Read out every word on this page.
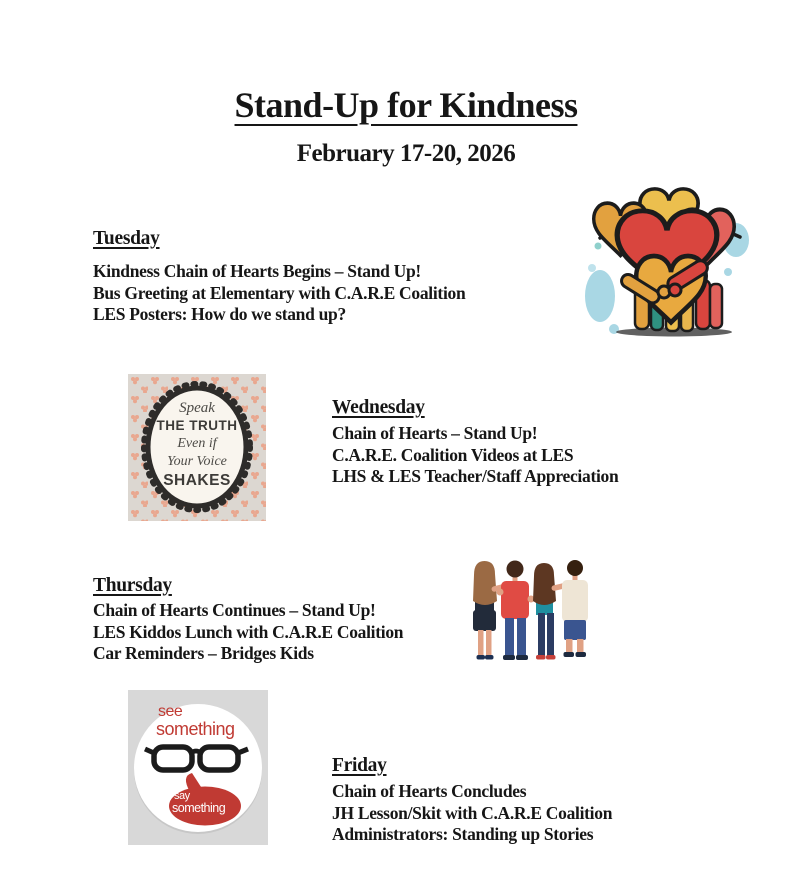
Stand-Up for Kindness
February 17-20, 2026
Tuesday
Kindness Chain of Hearts Begins – Stand Up!
Bus Greeting at Elementary with C.A.R.E Coalition
LES Posters: How do we stand up?
Wednesday
Chain of Hearts – Stand Up!
C.A.R.E. Coalition Videos at LES
LHS & LES Teacher/Staff Appreciation
Thursday
Chain of Hearts Continues – Stand Up!
LES Kiddos Lunch with C.A.R.E Coalition
Car Reminders – Bridges Kids
Friday
Chain of Hearts Concludes
JH Lesson/Skit with C.A.R.E Coalition
Administrators: Standing up Stories
Speak
THE TRUTH
Even if
Your Voice
SHAKES
see
something
say
something
